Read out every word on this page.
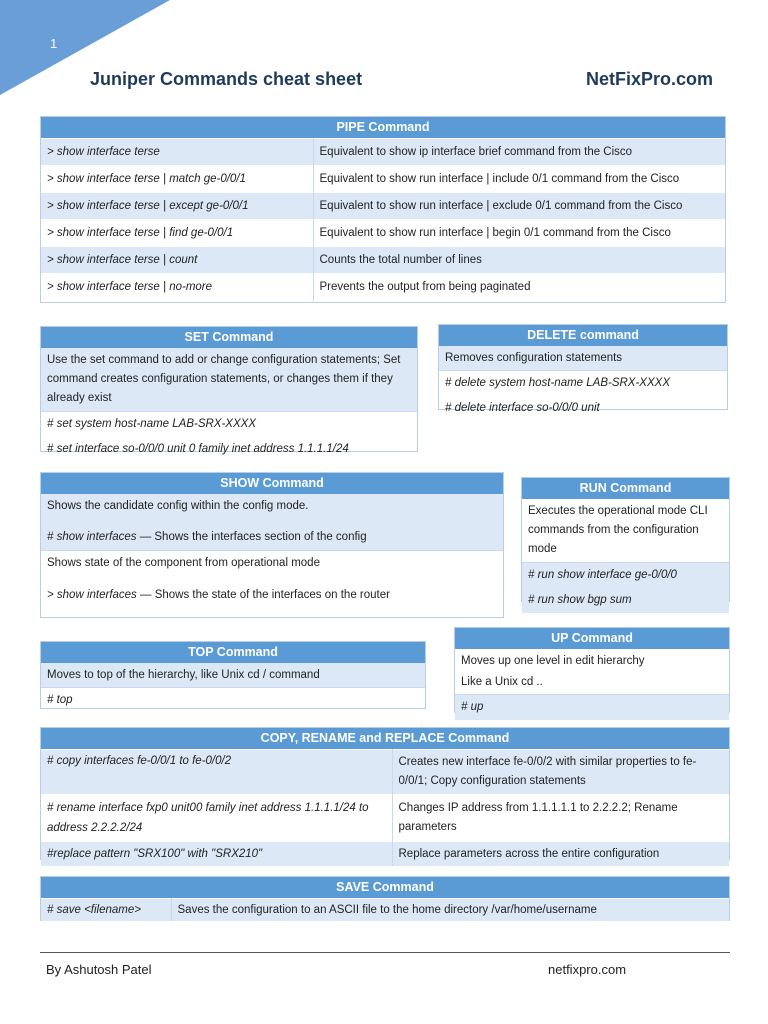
1
Juniper Commands cheat sheet	NetFixPro.com
PIPE Command
> show interface terse	Equivalent to show ip interface brief command from the Cisco
> show interface terse | match ge-0/0/1	Equivalent to show run interface | include 0/1 command from the Cisco
> show interface terse | except ge-0/0/1	Equivalent to show run interface | exclude 0/1 command from the Cisco
> show interface terse | find ge-0/0/1	Equivalent to show run interface | begin 0/1 command from the Cisco
> show interface terse | count	Counts the total number of lines
> show interface terse | no-more	Prevents the output from being paginated
SET Command
Use the set command to add or change configuration statements; Set command creates configuration statements, or changes them if they already exist
# set system host-name LAB-SRX-XXXX
# set interface so-0/0/0 unit 0 family inet address 1.1.1.1/24
DELETE command
Removes configuration statements
# delete system host-name LAB-SRX-XXXX
# delete interface so-0/0/0 unit
SHOW Command
Shows the candidate config within the config mode.
# show interfaces — Shows the interfaces section of the config
Shows state of the component from operational mode
> show interfaces — Shows the state of the interfaces on the router
RUN Command
Executes the operational mode CLI commands from the configuration mode
# run show interface ge-0/0/0
# run show bgp sum
TOP Command
Moves to top of the hierarchy, like Unix cd / command
# top
UP Command
Moves up one level in edit hierarchy
Like a Unix cd ..
# up
COPY, RENAME and REPLACE Command
# copy interfaces fe-0/0/1 to fe-0/0/2	Creates new interface fe-0/0/2 with similar properties to fe-0/0/1; Copy configuration statements
# rename interface fxp0 unit00 family inet address 1.1.1.1/24 to address 2.2.2.2/24	Changes IP address from 1.1.1.1.1 to 2.2.2.2; Rename parameters
#replace pattern "SRX100" with "SRX210"	Replace parameters across the entire configuration
SAVE Command
# save <filename>	Saves the configuration to an ASCII file to the home directory /var/home/username
By Ashutosh Patel	netfixpro.com
